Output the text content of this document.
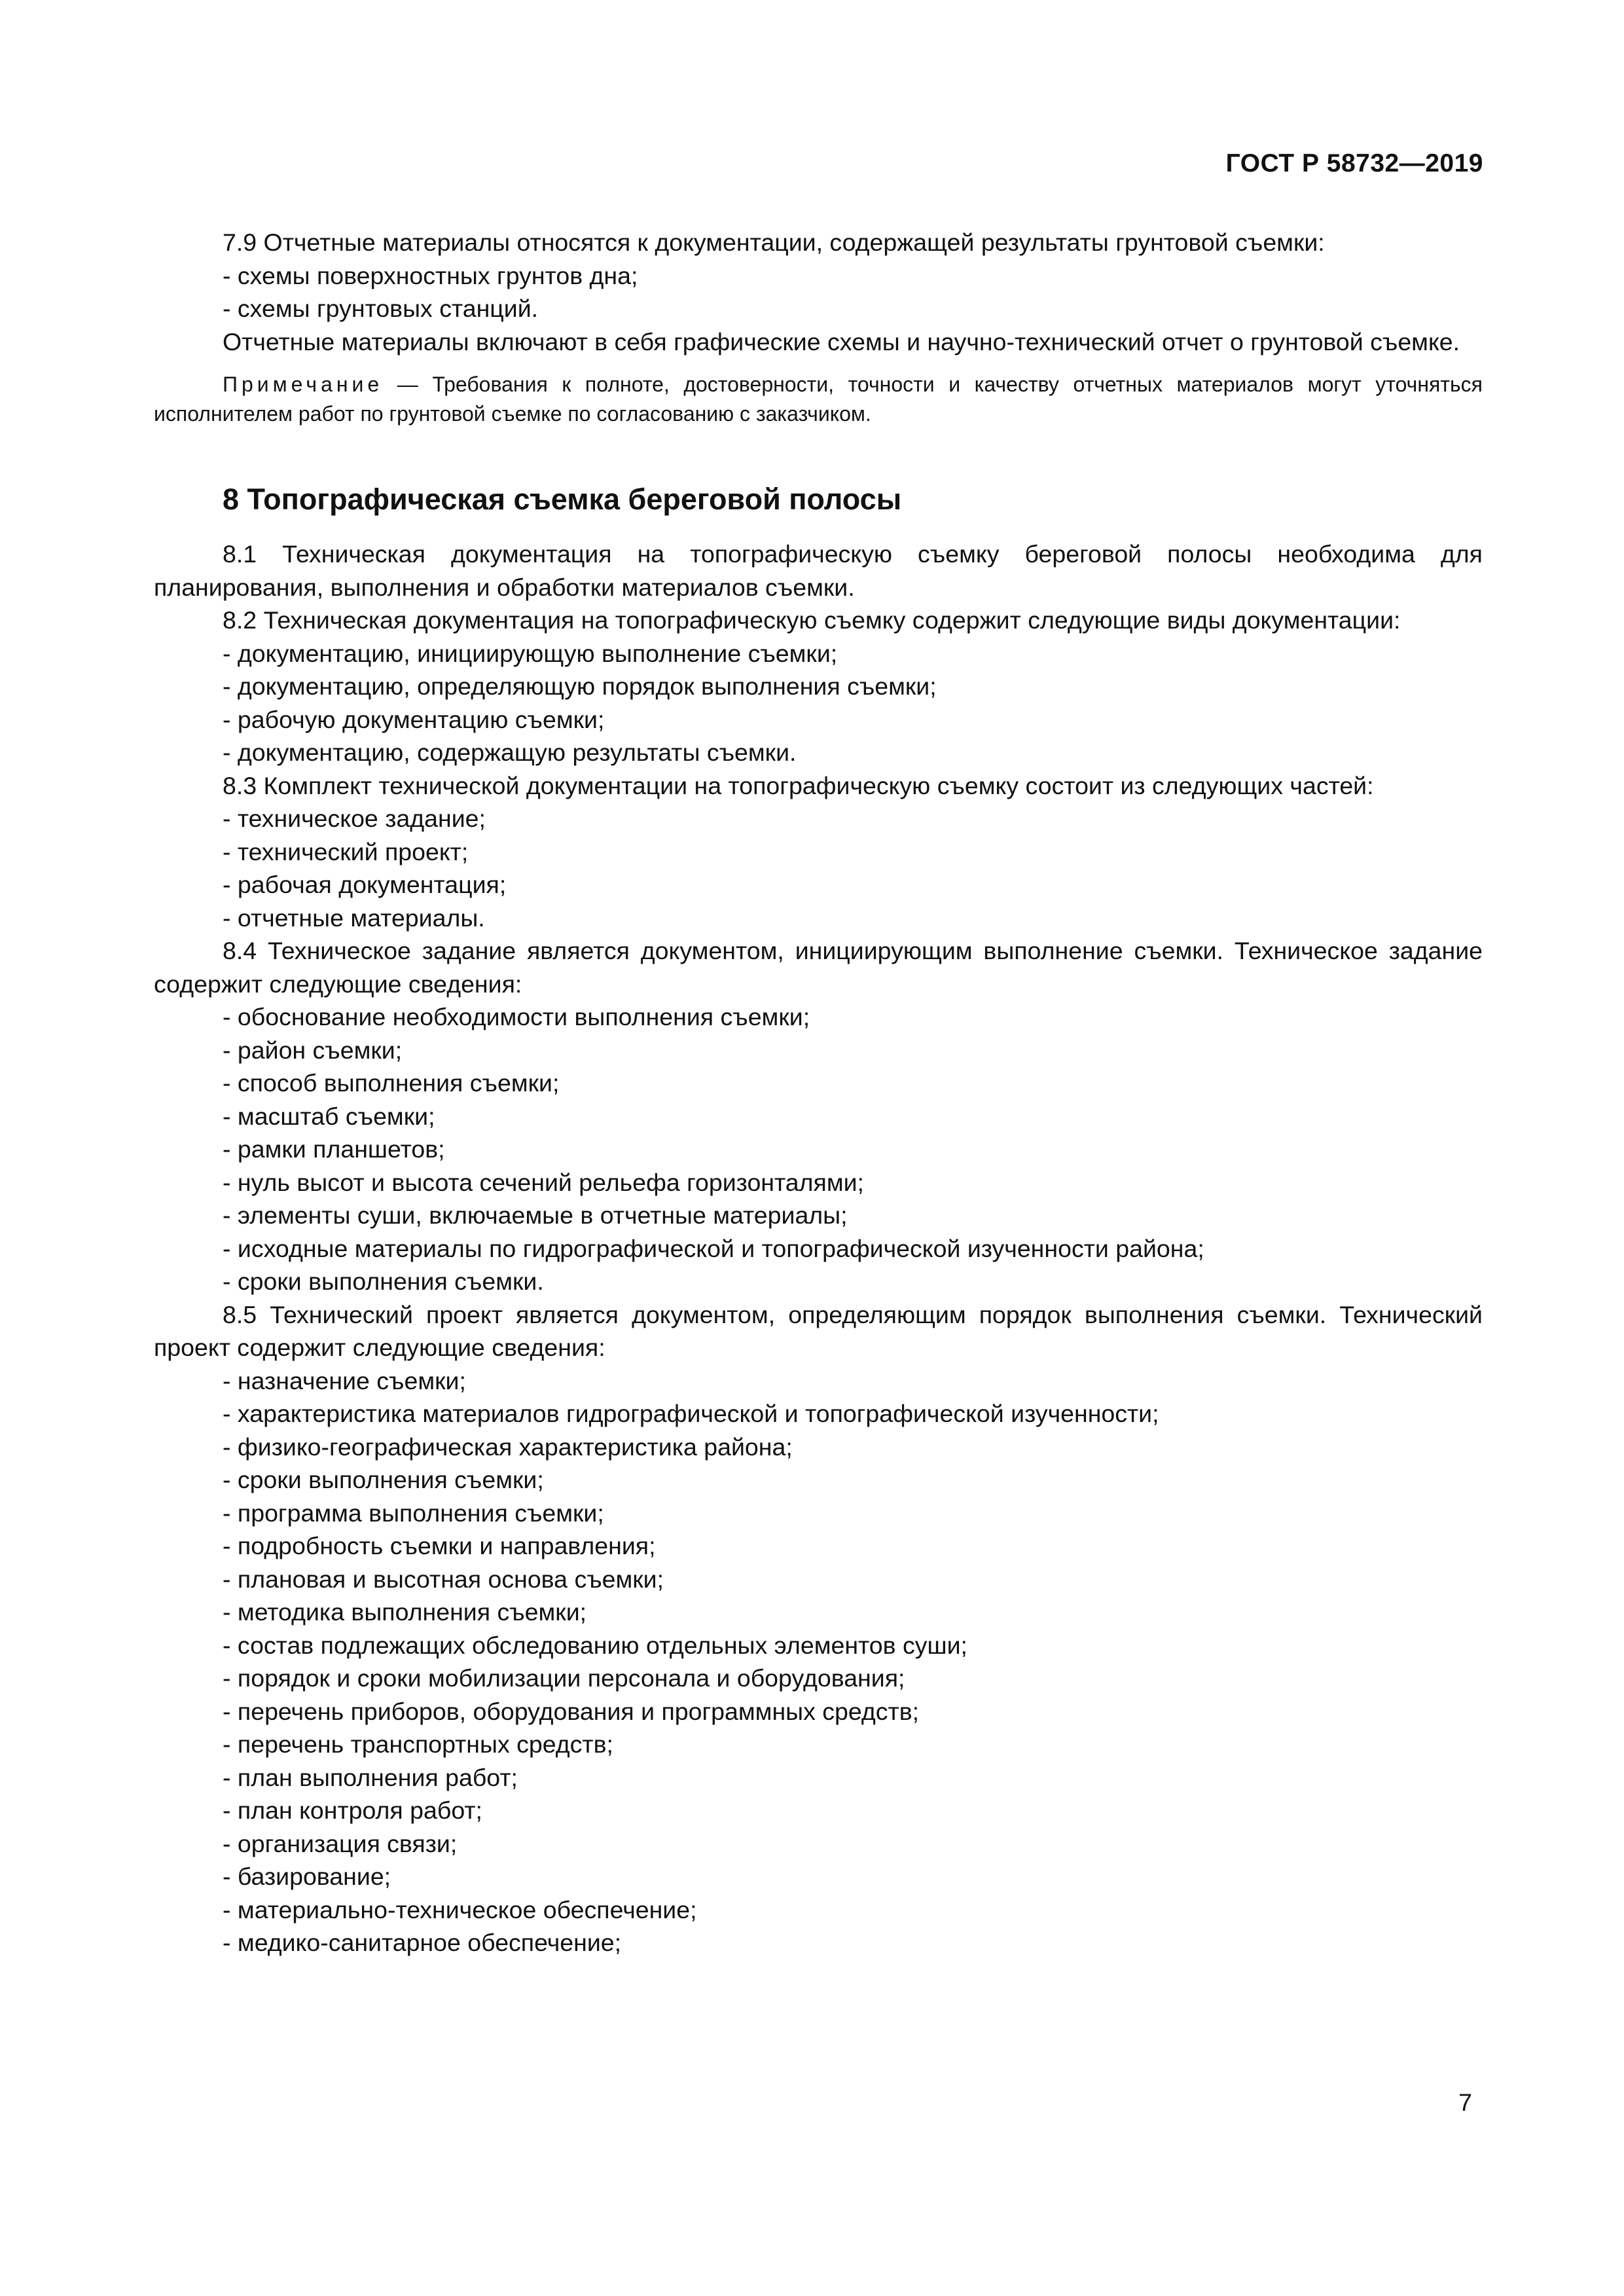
ГОСТ Р 58732—2019

7.9 Отчетные материалы относятся к документации, содержащей результаты грунтовой съемки:

- схемы поверхностных грунтов дна;
- схемы грунтовых станций.

Отчетные материалы включают в себя графические схемы и научно-технический отчет о грунтовой съемке.

Примечание — Требования к полноте, достоверности, точности и качеству отчетных материалов могут уточняться исполнителем работ по грунтовой съемке по согласованию с заказчиком.

8 Топографическая съемка береговой полосы

8.1 Техническая документация на топографическую съемку береговой полосы необходима для планирования, выполнения и обработки материалов съемки.

8.2 Техническая документация на топографическую съемку содержит следующие виды документации:

- документацию, инициирующую выполнение съемки;
- документацию, определяющую порядок выполнения съемки;
- рабочую документацию съемки;
- документацию, содержащую результаты съемки.

8.3 Комплект технической документации на топографическую съемку состоит из следующих частей:

- техническое задание;
- технический проект;
- рабочая документация;
- отчетные материалы.

8.4 Техническое задание является документом, инициирующим выполнение съемки. Техническое задание содержит следующие сведения:

- обоснование необходимости выполнения съемки;
- район съемки;
- способ выполнения съемки;
- масштаб съемки;
- рамки планшетов;
- нуль высот и высота сечений рельефа горизонталями;
- элементы суши, включаемые в отчетные материалы;
- исходные материалы по гидрографической и топографической изученности района;
- сроки выполнения съемки.

8.5 Технический проект является документом, определяющим порядок выполнения съемки. Технический проект содержит следующие сведения:

- назначение съемки;
- характеристика материалов гидрографической и топографической изученности;
- физико-географическая характеристика района;
- сроки выполнения съемки;
- программа выполнения съемки;
- подробность съемки и направления;
- плановая и высотная основа съемки;
- методика выполнения съемки;
- состав подлежащих обследованию отдельных элементов суши;
- порядок и сроки мобилизации персонала и оборудования;
- перечень приборов, оборудования и программных средств;
- перечень транспортных средств;
- план выполнения работ;
- план контроля работ;
- организация связи;
- базирование;
- материально-техническое обеспечение;
- медико-санитарное обеспечение;
7
